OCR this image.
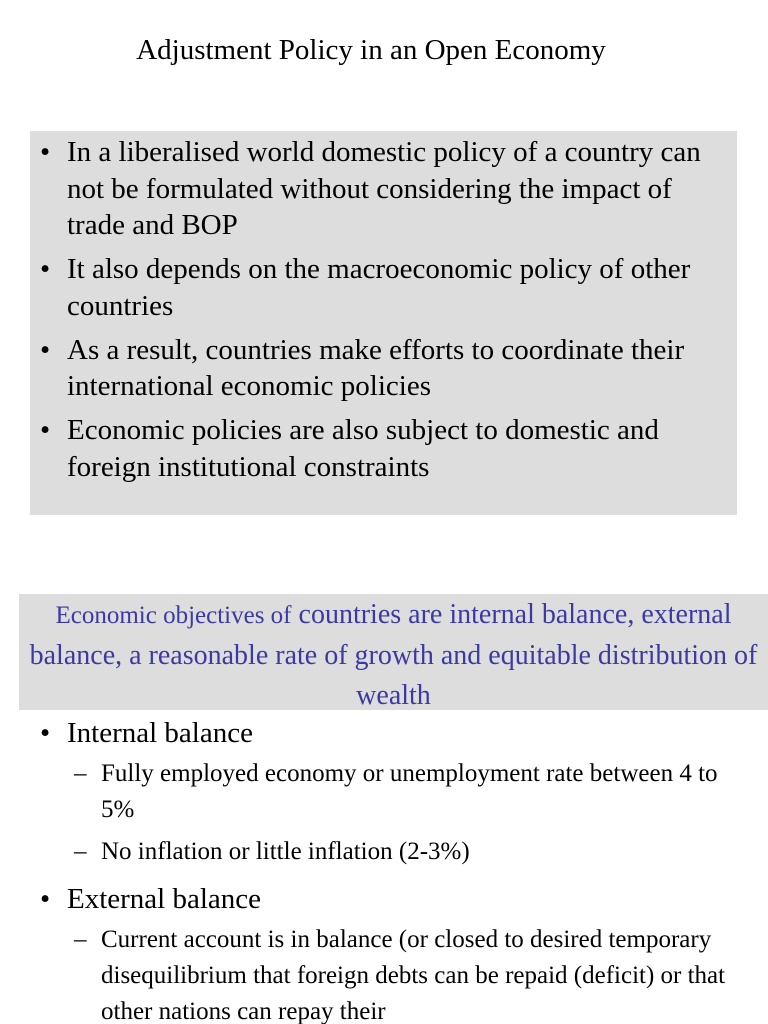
Adjustment Policy in an Open Economy
• In a liberalised world domestic policy of a country can not be formulated without considering the impact of trade and BOP
• It also depends on the macroeconomic policy of other countries
• As a result, countries make efforts to coordinate their international economic policies
• Economic policies are also subject to domestic and foreign institutional constraints

Economic objectives of countries are internal balance, external balance, a reasonable rate of growth and equitable distribution of wealth

• Internal balance
– Fully employed economy or unemployment rate between 4 to 5%
– No inflation or little inflation (2-3%)
• External balance
– Current account is in balance (or closed to desired temporary disequilibrium that foreign debts can be repaid (deficit) or that other nations can repay their
